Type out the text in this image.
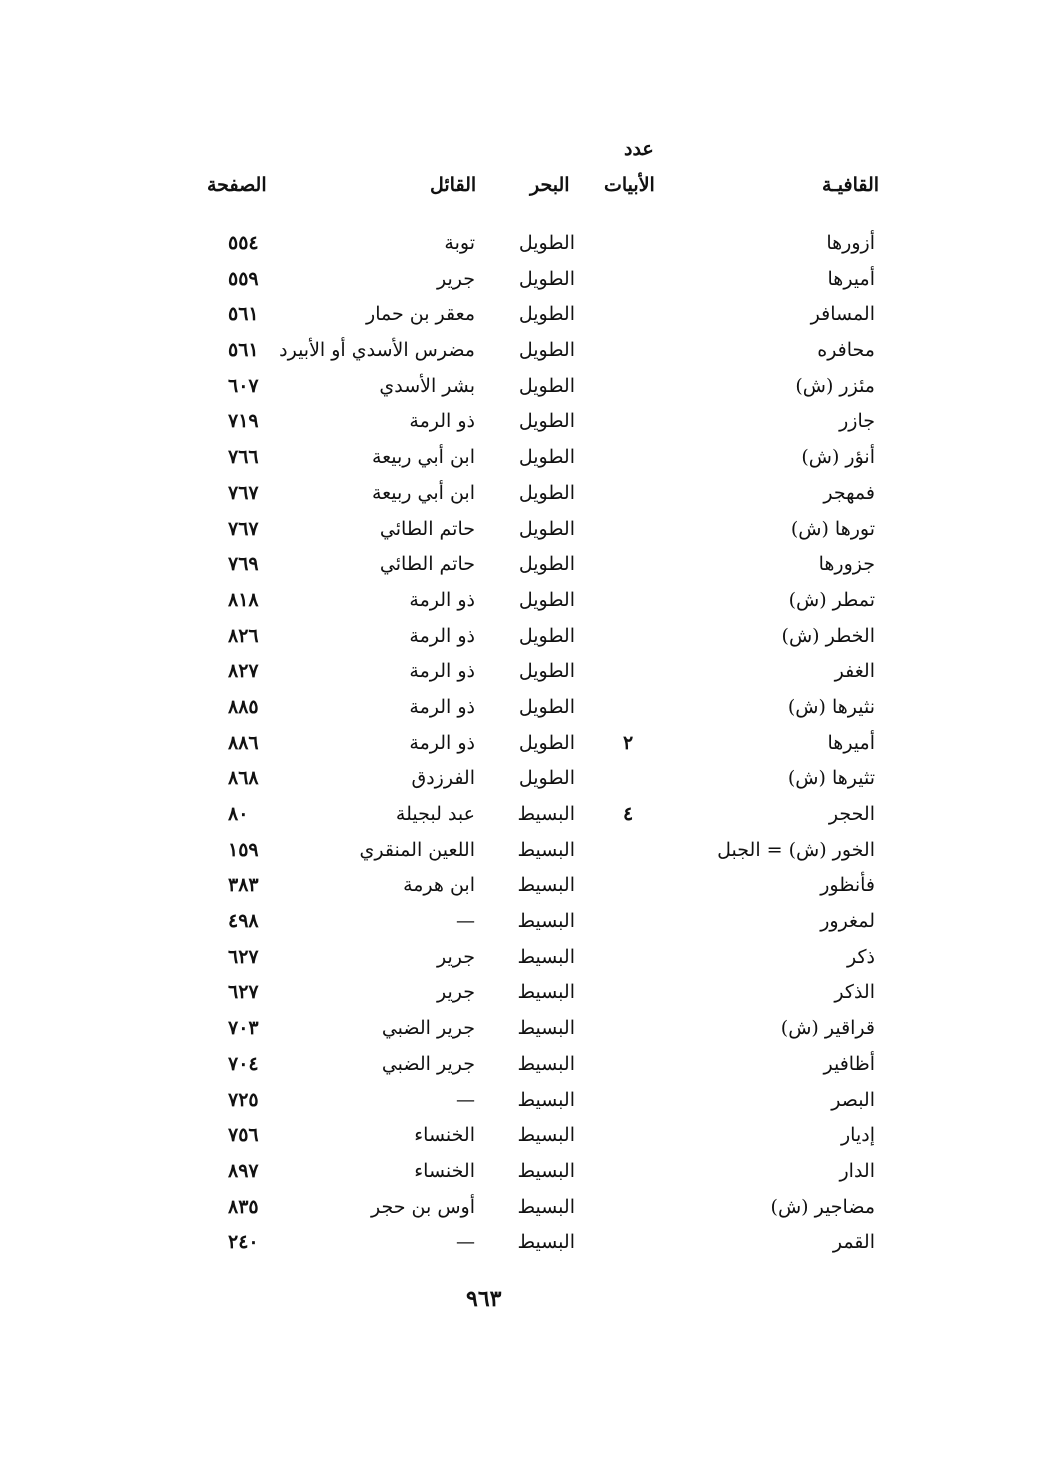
عدد
الأبيات	القافيـة
البحر
القائل
الصفحة
أزورها
الطويل
توبة
٥٥٤
أميرها
الطويل
جرير
٥٥٩
المسافر
الطويل
معقر بن حمار
٥٦١
محافره
الطويل
مضرس الأسدي أو الأبيرد
٥٦١
مئزر (ش)
الطويل
بشر الأسدي
٦٠٧
جازر
الطويل
ذو الرمة
٧١٩
أنؤر (ش)
الطويل
ابن أبي ربيعة
٧٦٦
فمهجر
الطويل
ابن أبي ربيعة
٧٦٧
تورها (ش)
الطويل
حاتم الطائي
٧٦٧
جزورها
الطويل
حاتم الطائي
٧٦٩
تمطر (ش)
الطويل
ذو الرمة
٨١٨
الخطر (ش)
الطويل
ذو الرمة
٨٢٦
الغفر
الطويل
ذو الرمة
٨٢٧
نثيرها (ش)
الطويل
ذو الرمة
٨٨٥
أميرها
٢
الطويل
ذو الرمة
٨٨٦
تثيرها (ش)
الطويل
الفرزدق
٨٦٨
الحجر
٤
البسيط
عبد لبجيلة
٨٠
الخور (ش) = الجبل
البسيط
اللعين المنقري
١٥٩
فأنظور
البسيط
ابن هرمة
٣٨٣
لمغرور
البسيط
—
٤٩٨
ذكر
البسيط
جرير
٦٢٧
الذكر
البسيط
جرير
٦٢٧
قراقير (ش)
البسيط
جرير الضبي
٧٠٣
أظافير
البسيط
جرير الضبي
٧٠٤
البصر
البسيط
—
٧٢٥
إديار
البسيط
الخنساء
٧٥٦
الدار
البسيط
الخنساء
٨٩٧
مضاجير (ش)
البسيط
أوس بن حجر
٨٣٥
القمر
البسيط
—
٢٤٠
٩٦٣
